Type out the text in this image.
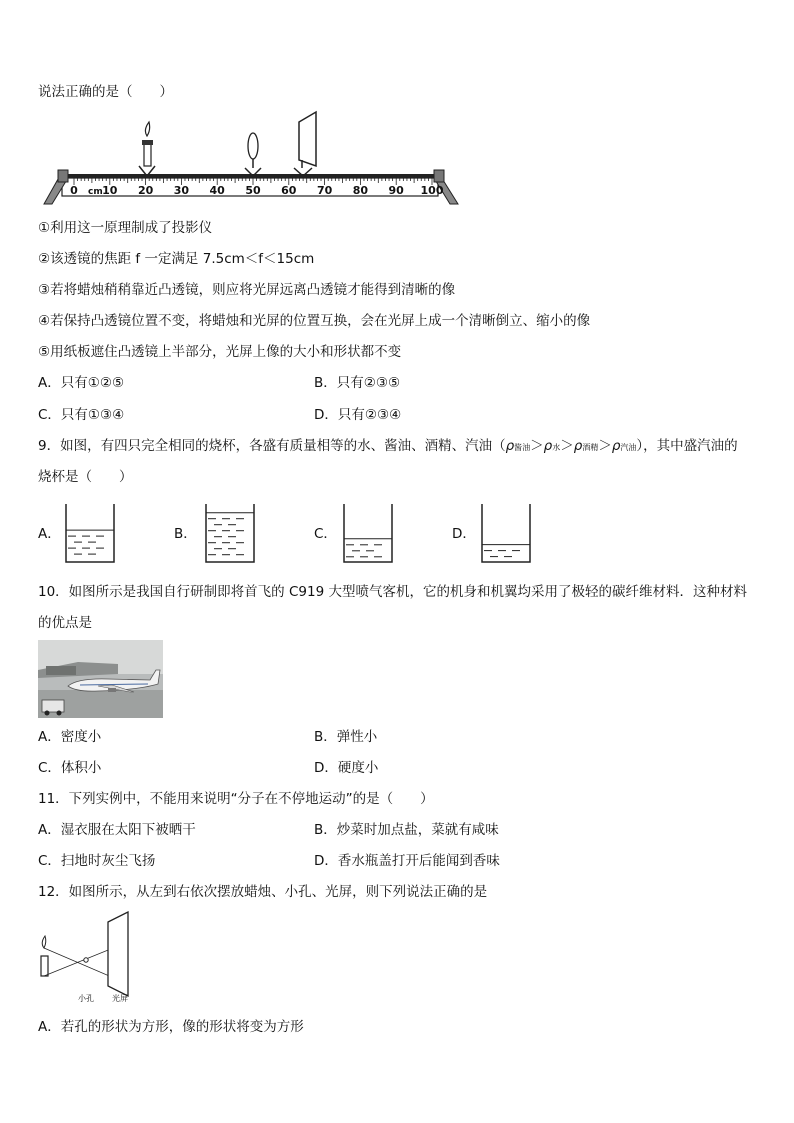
说法正确的是（　　）
0 10 20 30 40 50 60 70 80 90 100
cm
①利用这一原理制成了投影仪
②该透镜的焦距 f 一定满足 7.5cm＜f＜15cm
③若将蜡烛稍稍靠近凸透镜，则应将光屏远离凸透镜才能得到清晰的像
④若保持凸透镜位置不变，将蜡烛和光屏的位置互换，会在光屏上成一个清晰倒立、缩小的像
⑤用纸板遮住凸透镜上半部分，光屏上像的大小和形状都不变
A．只有①②⑤	B．只有②③⑤
C．只有①③④	D．只有②③④
9．如图，有四只完全相同的烧杯，各盛有质量相等的水、酱油、酒精、汽油（ρ酱油＞ρ水＞ρ酒精＞ρ汽油），其中盛汽油的
烧杯是（　　）
A．	B．	C．	D．
10．如图所示是我国自行研制即将首飞的 C919 大型喷气客机，它的机身和机翼均采用了极轻的碳纤维材料．这种材料
的优点是
A．密度小	B．弹性小
C．体积小	D．硬度小
11．下列实例中，不能用来说明“分子在不停地运动”的是（　　）
A．湿衣服在太阳下被晒干	B．炒菜时加点盐，菜就有咸味
C．扫地时灰尘飞扬	D．香水瓶盖打开后能闻到香味
12．如图所示，从左到右依次摆放蜡烛、小孔、光屏，则下列说法正确的是
小孔 光屏
A．若孔的形状为方形，像的形状将变为方形
